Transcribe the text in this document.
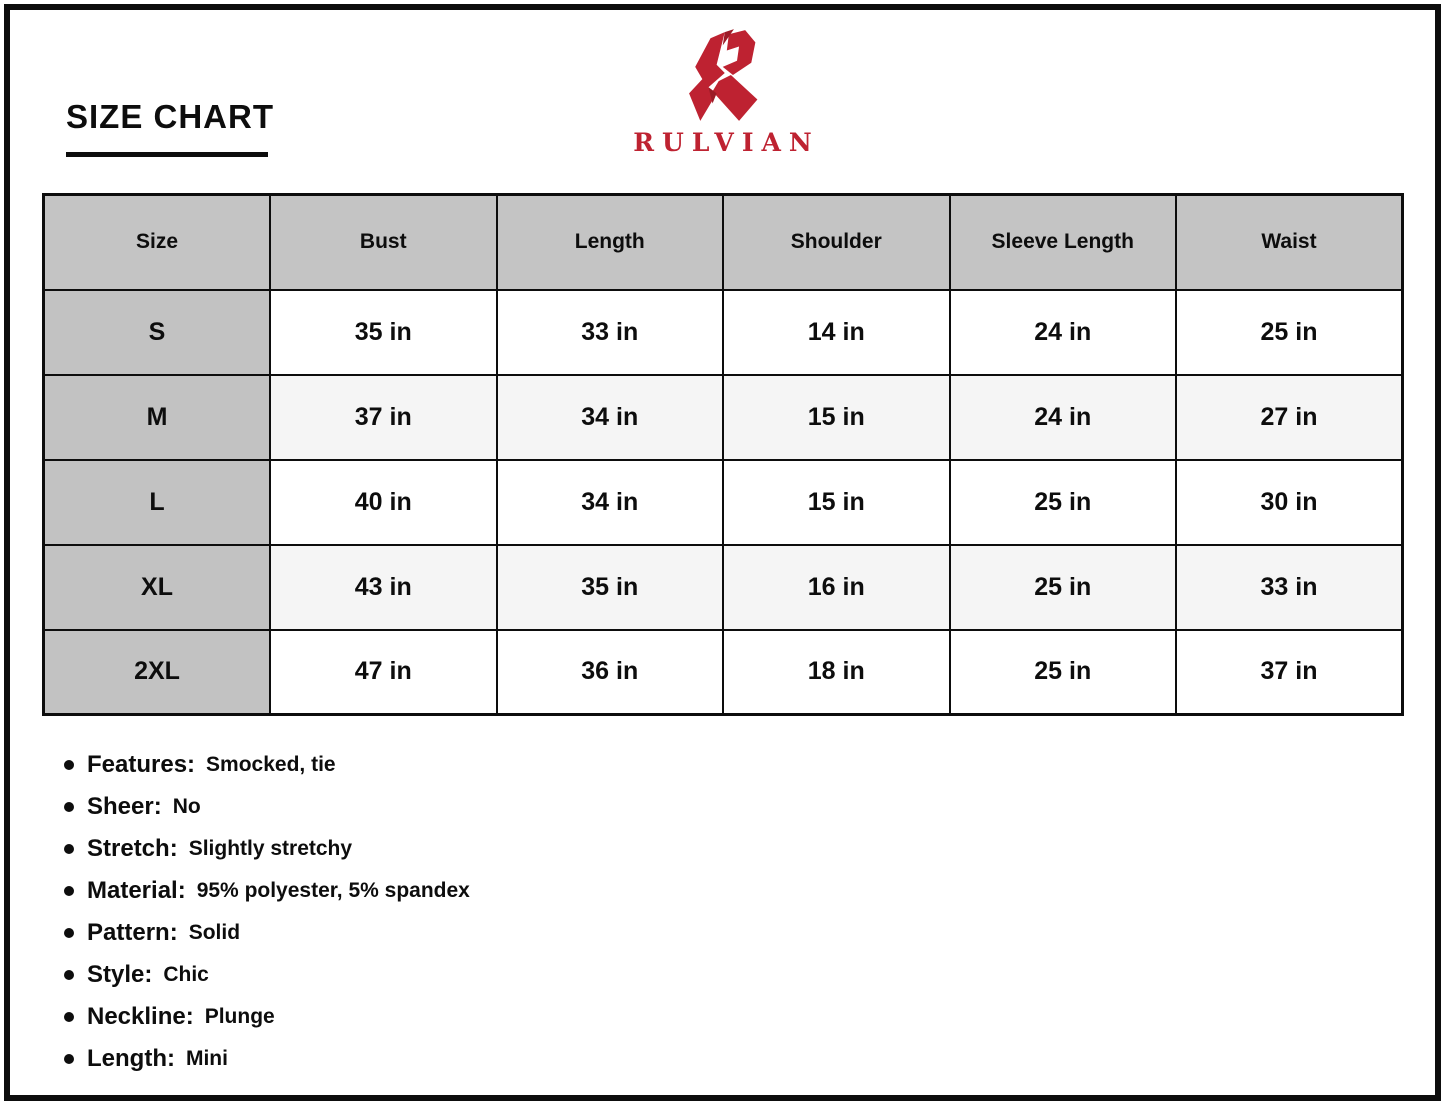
SIZE CHART
RULVIAN
Size	Bust	Length	Shoulder	Sleeve Length	Waist
S	35 in	33 in	14 in	24 in	25 in
M	37 in	34 in	15 in	24 in	27 in
L	40 in	34 in	15 in	25 in	30 in
XL	43 in	35 in	16 in	25 in	33 in
2XL	47 in	36 in	18 in	25 in	37 in
Features: Smocked, tie
Sheer: No
Stretch: Slightly stretchy
Material: 95% polyester, 5% spandex
Pattern: Solid
Style: Chic
Neckline: Plunge
Length: Mini
